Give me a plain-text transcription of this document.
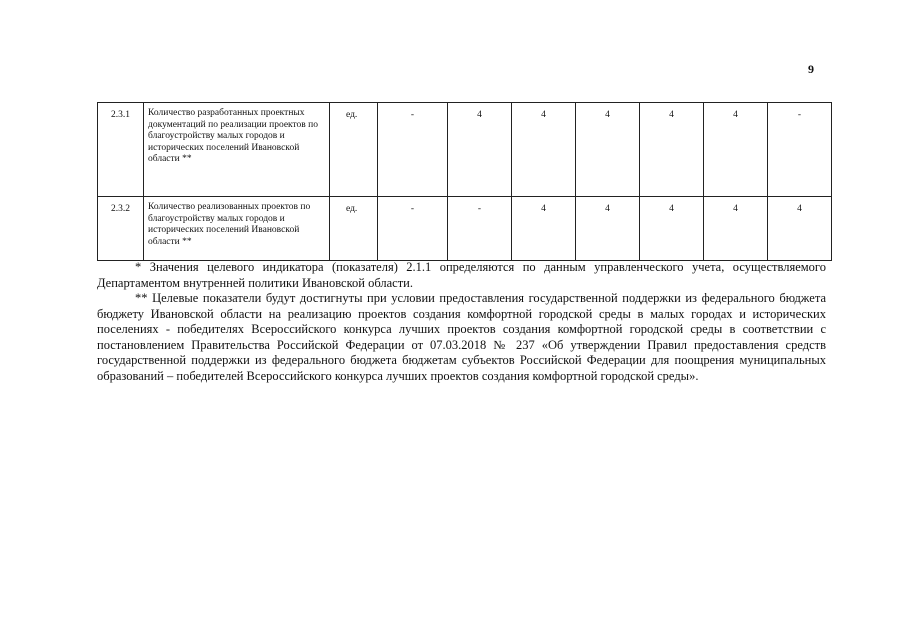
9
2.3.1	Количество разработанных проектных документаций по реализации проектов по благоустройству малых городов и исторических поселений Ивановской области **	ед.	-	4	4	4	4	4	-
2.3.2	Количество реализованных проектов по благоустройству малых городов и исторических поселений Ивановской области **	ед.	-	-	4	4	4	4	4

* Значения целевого индикатора (показателя) 2.1.1 определяются по данным управленческого учета, осуществляемого Департаментом внутренней политики Ивановской области.

** Целевые показатели будут достигнуты при условии предоставления государственной поддержки из федерального бюджета бюджету Ивановской области на реализацию проектов создания комфортной городской среды в малых городах и исторических поселениях - победителях Всероссийского конкурса лучших проектов создания комфортной городской среды в соответствии с постановлением Правительства Российской Федерации от 07.03.2018 № 237 «Об утверждении Правил предоставления средств государственной поддержки из федерального бюджета бюджетам субъектов Российской Федерации для поощрения муниципальных образований – победителей Всероссийского конкурса лучших проектов создания комфортной городской среды».
